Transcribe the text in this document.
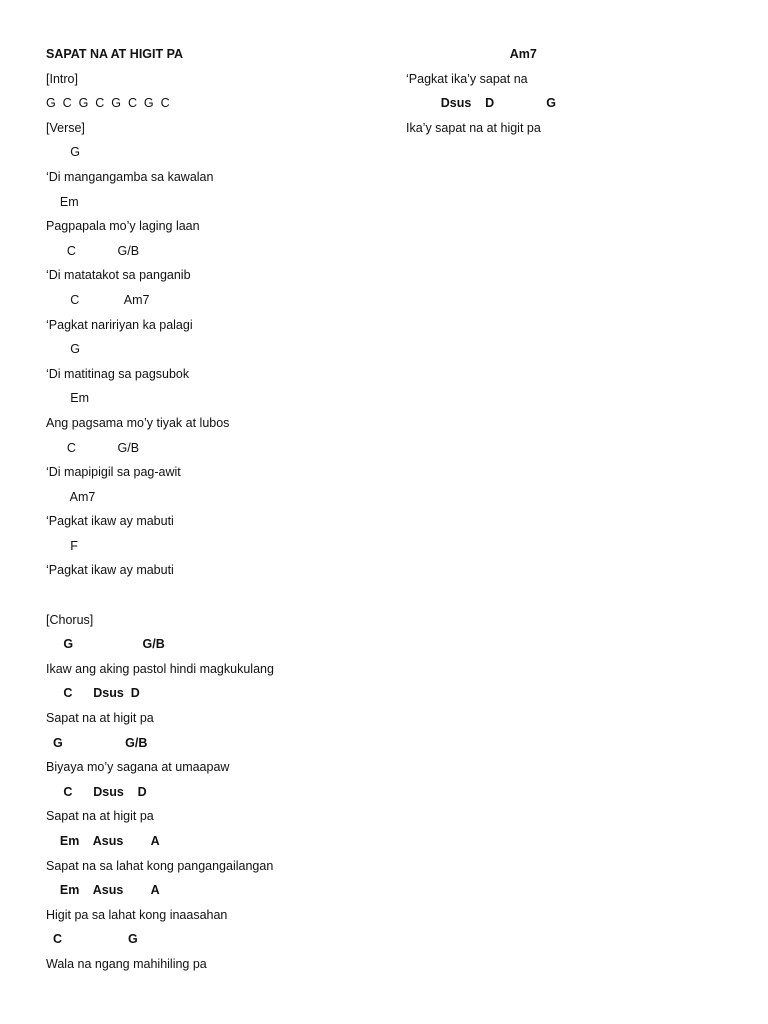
SAPAT NA AT HIGIT PA

[Intro]

G  C  G  C  G  C  G  C

[Verse]

G

‘Di mangangamba sa kawalan

Em

Pagpapala mo’y laging laan

C            G/B

‘Di matatakot sa panganib

C             Am7

‘Pagkat naririyan ka palagi

G

‘Di matitinag sa pagsubok

Em

Ang pagsama mo’y tiyak at lubos

C            G/B

‘Di mapipigil sa pag-awit

Am7

‘Pagkat ikaw ay mabuti

F

‘Pagkat ikaw ay mabuti

[Chorus]

G                    G/B

Ikaw ang aking pastol hindi magkukulang

C      Dsus  D

Sapat na at higit pa

G                  G/B

Biyaya mo’y sagana at umaapaw

C      Dsus    D

Sapat na at higit pa

Em    Asus        A

Sapat na sa lahat kong pangangailangan

Em    Asus        A

Higit pa sa lahat kong inaasahan

C                   G

Wala na ngang mahihiling pa

Am7

‘Pagkat ika’y sapat na

Dsus    D               G

Ika’y sapat na at higit pa
